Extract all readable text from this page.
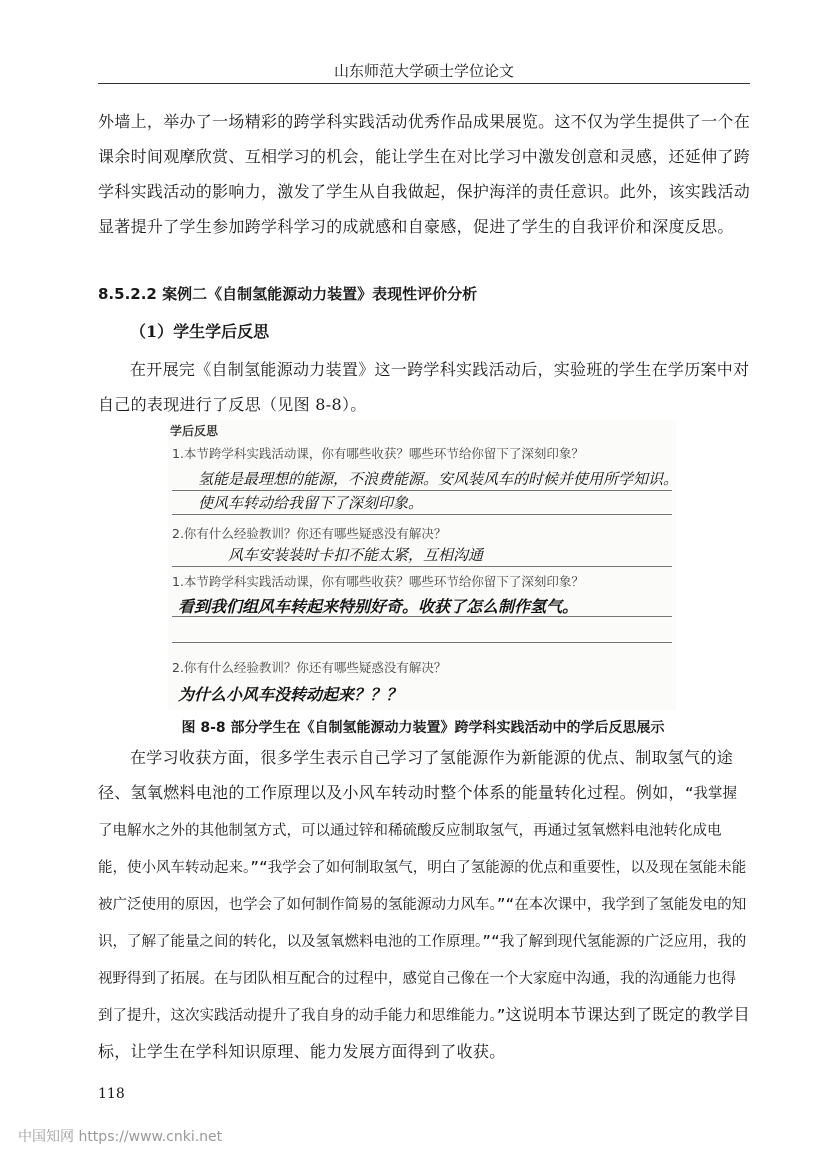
山东师范大学硕士学位论文
外墙上，举办了一场精彩的跨学科实践活动优秀作品成果展览。这不仅为学生提供了一个在课余时间观摩欣赏、互相学习的机会，能让学生在对比学习中激发创意和灵感，还延伸了跨学科实践活动的影响力，激发了学生从自我做起，保护海洋的责任意识。此外，该实践活动显著提升了学生参加跨学科学习的成就感和自豪感，促进了学生的自我评价和深度反思。
8.5.2.2 案例二《自制氢能源动力装置》表现性评价分析
（1）学生学后反思
在开展完《自制氢能源动力装置》这一跨学科实践活动后，实验班的学生在学历案中对自己的表现进行了反思（见图 8-8）。
学后反思
1.本节跨学科实践活动课，你有哪些收获？哪些环节给你留下了深刻印象？
氢能是最理想的能源，不浪费能源。安风装风车的时候并使用所学知识。
使风车转动给我留下了深刻印象。
2.你有什么经验教训？你还有哪些疑惑没有解决？
风车安装装时卡扣不能太紧，互相沟通
1.本节跨学科实践活动课，你有哪些收获？哪些环节给你留下了深刻印象？
看到我们组风车转起来特别好奇。收获了怎么制作氢气。
2.你有什么经验教训？你还有哪些疑惑没有解决？
为什么小风车没转动起来？？？
图 8-8 部分学生在《自制氢能源动力装置》跨学科实践活动中的学后反思展示
在学习收获方面，很多学生表示自己学习了氢能源作为新能源的优点、制取氢气的途径、氢氧燃料电池的工作原理以及小风车转动时整个体系的能量转化过程。例如，“我掌握了电解水之外的其他制氢方式，可以通过锌和稀硫酸反应制取氢气，再通过氢氧燃料电池转化成电能，使小风车转动起来。”“我学会了如何制取氢气，明白了氢能源的优点和重要性，以及现在氢能未能被广泛使用的原因，也学会了如何制作简易的氢能源动力风车。”“在本次课中，我学到了氢能发电的知识，了解了能量之间的转化，以及氢氧燃料电池的工作原理。”“我了解到现代氢能源的广泛应用，我的视野得到了拓展。在与团队相互配合的过程中，感觉自己像在一个大家庭中沟通，我的沟通能力也得到了提升，这次实践活动提升了我自身的动手能力和思维能力。”这说明本节课达到了既定的教学目标，让学生在学科知识原理、能力发展方面得到了收获。
118
中国知网 https://www.cnki.net
